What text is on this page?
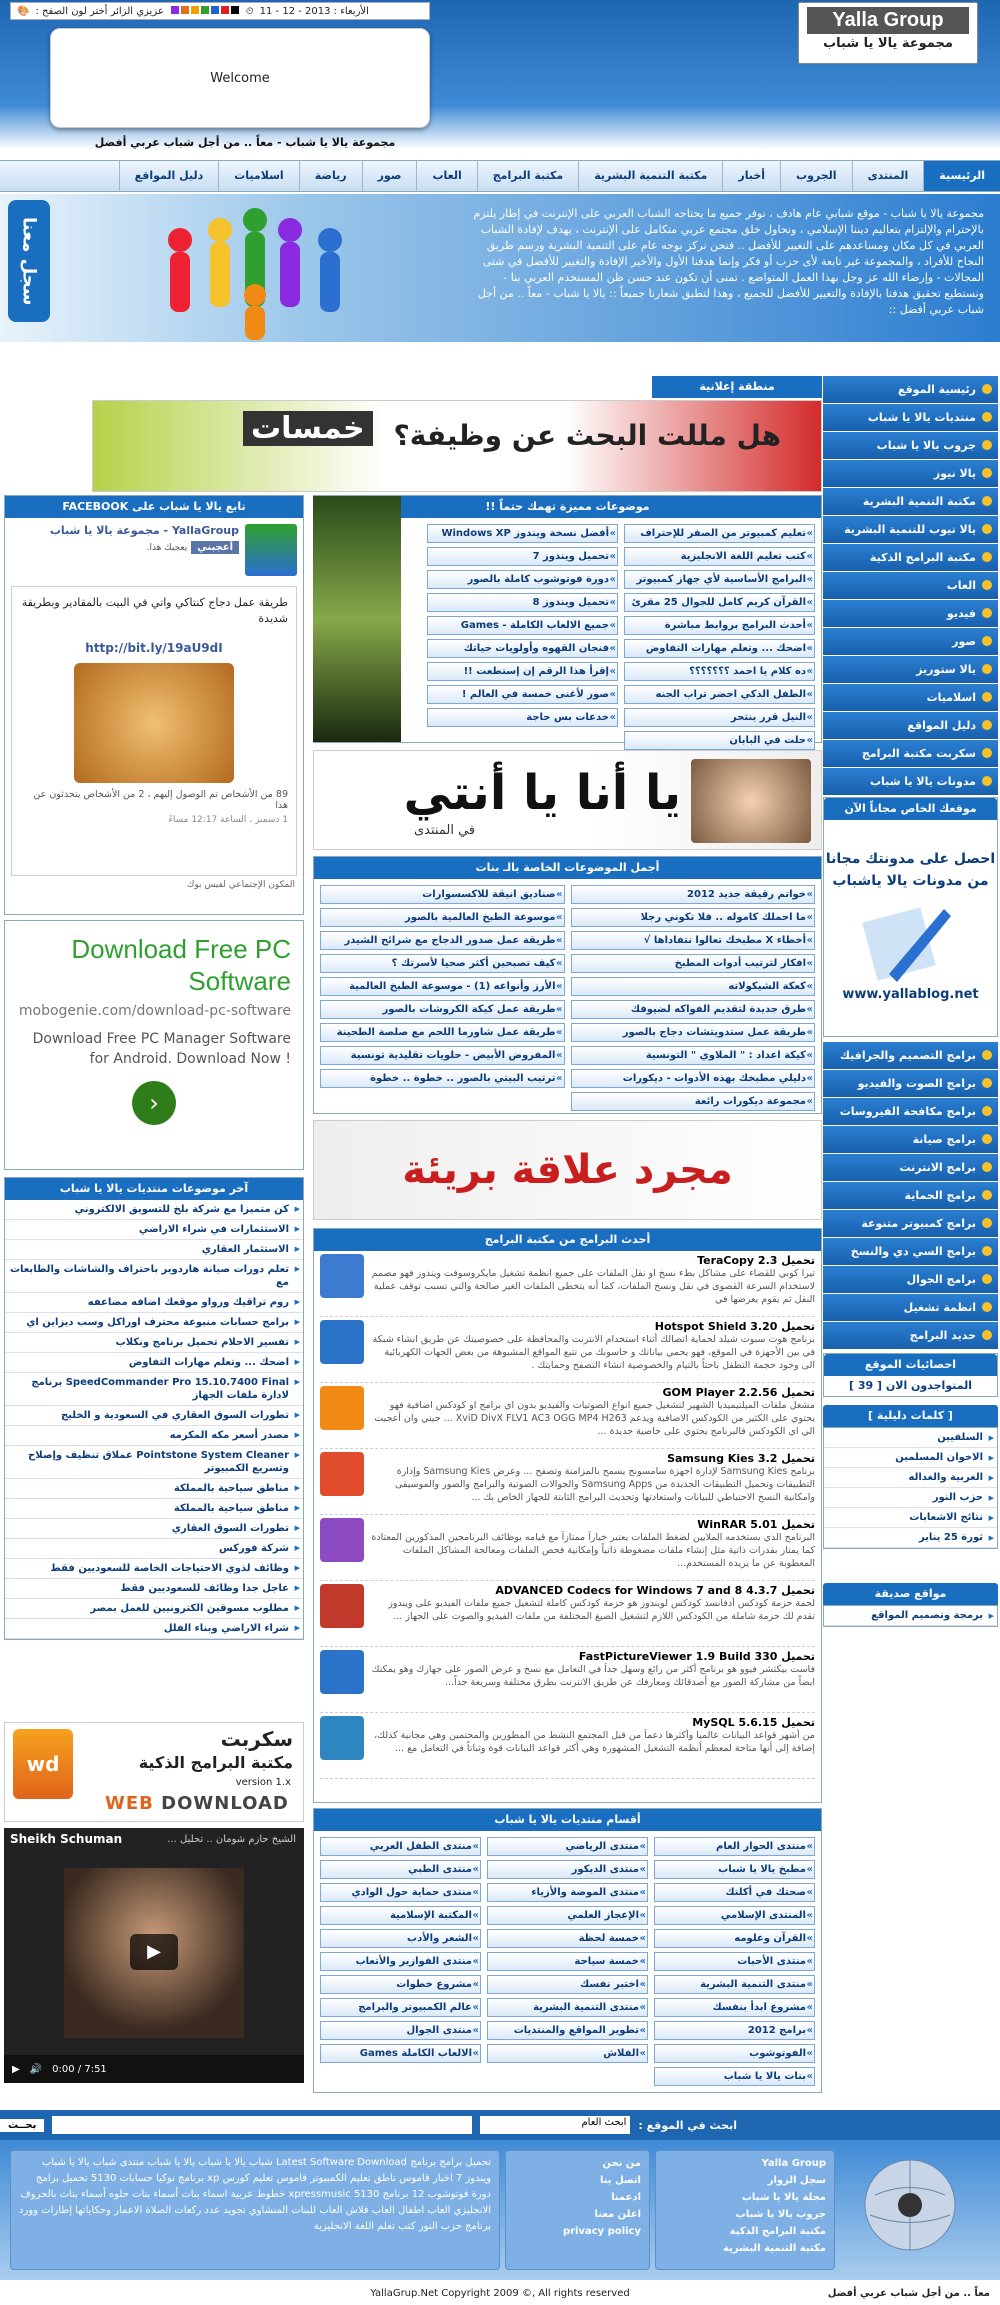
الأربعاء : 2013 - 12 - 11
⏲
عزيزي الزائر أختر لون الصفح :
🎨
Welcome
مجموعة يالا يا شباب - معاً .. من أجل شباب عربي أفضل
Yalla Group
مجموعة يالا يا شباب
الرئيسية
المنتدى
الجروب
أخبار
مكتبة التنمية البشرية
مكتبة البرامج
العاب
صور
رياضة
اسلاميات
دليل المواقع
سجل معنا
مجموعة يالا يا شباب - موقع شبابي عام هادف ، نوفر جميع ما يحتاجه الشباب العربي على الإنترنت في إطار يلتزم بالإحترام والإلتزام بتعاليم ديننا الإسلامي ، ونحاول خلق مجتمع عربي متكامل على الإنترنت ، يهدف لإفادة الشباب العربي في كل مكان ومساعدهم على التغيير للأفضل .. فنحن نركز بوجه عام على التنمية البشرية ورسم طريق النجاح للأفراد ، والمجموعة غير تابعة لأى حزب أو فكر وإنما هدفنا الأول والأخير الإفادة والتغيير للأفضل في شتى المجالات - وإرضاء الله عز وجل بهذا العمل المتواضع . تمنى أن تكون عند حسن ظن المستخدم العربي بنا - ونستطيع تحقيق هدفنا بالإفادة والتغيير للأفضل للجميع ، وهذا لتطبق شعارنا جميعاً :: يالا يا شباب - معاً .. من أجل شباب عربي أفضل ::
رئيسية الموقع
منتديات يالا يا شباب
جروب يالا يا شباب
يالا نيوز
مكتبة التنمية البشرية
يالا تيوب للتنمية البشرية
مكتبة البرامج الذكية
العاب
فيديو
صور
يالا ستوريز
اسلاميات
دليل المواقع
سكربت مكتبة البرامج
مدونات يالا يا شباب
موقعك الخاص مجاناً الآن
احصل على مدونتك مجانا
من مدونات يالا ياشباب
www.yallablog.net
برامج التصميم والجرافيك
برامج الصوت والفيديو
برامج مكافحة الفيروسات
برامج صيانة
برامج الانترنت
برامج الحماية
برامج كمبيوتر متنوعة
برامج السي دي والنسخ
برامج الجوال
انظمة تشغيل
حديد البرامج
احصائيات الموقع
المتواجدون الان [ 39 ]
[ كلمات دليلية ]
▶ السلفيين
▶ الاخوان المسلمين
▶ الغربية والغداله
▶ حزب النور
▶ نتائج الاشعابات
▶ ثورة 25 يناير
مواقع صديقة
▶ برمجة وتصميم المواقع
منطقة إعلانية
خمسات هل مللت البحث عن وظيفة؟
موضوعات مميزة تهمك حتماً !!
» تعليم كمبيوتر من الصفر للإحتراف
» أفضل نسخة ويندوز Windows XP
» كتب تعليم اللغة الانجليزية
» تحميل ويندوز 7
» البرامج الأساسية لأي جهاز كمبيوتر
» دورة فوتوشوب كاملة بالصور
» القرآن كريم كامل للجوال 25 مقرئ
» تحميل ويندوز 8
» أحدث البرامج بروابط مباشرة
» جميع الالعاب الكاملة - Games
» اضحك ... وتعلم مهارات التفاوض
» فنجان القهوه وأولويات حياتك
» ده كلام يا احمد ؟؟؟؟؟؟؟
» إقرأ هذا الرقم إن إستطعت !!
» الطفل الذكي احضر تراب الجنه
» صور لأغنى خمسة في العالم !
» النيل قرر ينتحر
» خدعات بس حاجة
» حلت في البابان
يا أنا يا أنتي
في المنتدى
أجمل الموضوعات الخاصة بالـ بنات
» خواتم رقيقة جديد 2012
» صناديق انيقة للاكسسوارات
» ما احملك كاموله .. فلا تكوني رجلا
» موسوعة الطبخ العالمية بالصور
» أخطاء X مطبخك تعالوا نتفاداها √
» طريقة عمل صدور الدجاج مع شرائح الشيدر
» افكار لترتيب أدوات المطبخ
» كيف تصبحين أكثر صحيا لأسرتك ؟
» كعكة الشيكولاته
» الأرز وأنواعه (1) - موسوعة الطبخ العالمية
» طرق جديدة لتقديم الفواكه لضيوفك
» طريقة عمل كيكة الكروشات بالصور
» طريقة عمل ستدويتشات دجاج بالصور
» طريقة عمل شاورما اللحم مع صلصة الطحينة
» كيكة اعداد : " الملاوي " التونسية
» المفروض الأبيض - حلويات تقليدية تونسية
» دليلي مطبخك بهذه الأدوات - ديكورات
» ترتيب البيتي بالصور .. خطوة .. خطوة
» مجموعة ديكورات رائعة
مجرد علاقة بريئة
أحدث البرامج من مكتبة البرامج
تحميل TeraCopy 2.3
تيرا كوبي للقضاء على مشاكل بطء نسخ او نقل الملفات على جميع انظمة تشغيل مايكروسوفت ويندوز فهو مصمم لاستخدام السرعة القصوى في نقل ونسخ الملفات، كما أنه يتخطى الملفات الغير صالحة والتي تسبب توقف عملية النقل ثم يقوم بعرضها في
تحميل Hotspot Shield 3.20
برنامج هوت سبوت شيلد لحماية اتصالك أثناء استخدام الانترنت والمحافظة على خصوصيتك عن طريق انشاء شبكة في بين الأجهزة في الموقع، فهو يحمي بياناتك و حاسوبك من تتبع المواقع المشبوهة من بعض الجهات الكهربائية الى وجود حجمة التطفل باحثاً بالتيام والخصوصية انشاء التصفح وحمايتك .
تحميل GOM Player 2.2.56
مشغل ملفات الميلتيميديا الشهير لتشغيل جميع انواع الصوتيات والفيديو بدون اي برامج او كودكس اضافية فهو يحتوي على الكثير من الكودكس الاضافية ويدعم XviD DivX FLV1 AC3 OGG MP4 H263 ... جيني وان أعجبت الي اي الكودكس فالبرنامج يحتوي على خاصية جديدة ...
تحميل Samsung Kies 3.2
برنامج Samsung Kies لإدارة اجهزة سامسونج يسمح بالمزامنة وتصفح ... وعرض Samsung Kies وإدارة التطبيقات وتحميل التطبيقات الجديدة من Samsung Apps والجوالات الصوتية والبرامج والصور والموسيقى وامكانية النسخ الاحتياطي للبيانات واستعادتها وتحديث البرامج الثابتة للجهاز الخاص بك ...
تحميل WinRAR 5.01
البرنامج الذي يستخدمه الملايين لضغط الملفات يعتبر خياراً ممتازاً مع قيامه بوظائف البرنامجين المذكورين المعتادة كما يمتاز بقدرات ذاتية مثل إنشاء ملفات مضغوطة ذاتياً وإمكانية فحص الملفات ومعالجة المشاكل الملفات المعطوبة عن ما يريده المستخدم...
تحميل ADVANCED Codecs for Windows 7 and 8 4.3.7
لحمة حزمة كودكس أدفانسد كودكس لويندوز هو حزمة كودكس كاملة لتشغيل جميع ملفات الفيديو على ويندوز تقدم لك حزمة شاملة من الكودكس اللازم لتشغيل الصيغ المختلفة من ملفات الفيديو والصوت على الجهاز ...
تحميل FastPictureViewer 1.9 Build 330
فاست بيكتشر فيوو هو برنامج أكثر من رائع وسهل جداً في التعامل مع نسخ و عرض الصور على جهازك وهو يمكنك ايضاً من مشاركة الصور مع أصدقائك ومعارفك عن طريق الانترنت بطرق مختلفة وسريعة جداً...
تحميل MySQL 5.6.15
من أشهر قواعد البيانات عالميا وأكثرها دعماً من قبل المجتمع النشط من المطورين والمحتمين وهي مجانية كذلك، إضافة إلى أنها متاحة لمعظم أنظمة التشغيل المشهورة وهي أكثر قواعد البيانات قوة وثباتاً في التعامل مع ...
أقسام منتديات يالا يا شباب
» منتدى الحوار العام
» منتدى الرياضي
» منتدى الطفل العربي
» مطبخ يالا يا شباب
» منتدى الديكور
» منتدى الطبي
» صحتك في أكلتك
» منتدى الموضة والأزياء
» منتدى حماية حول الوادي
» المنتدى الإسلامي
» الإعجاز العلمي
» المكتبة الإسلامية
» القرآن وعلومه
» خمسة لحظة
» الشعر والأدب
» منتدى الأحبات
» خمسة سياحة
» منتدى الفوازير والأتعاب
» منتدى التنمية البشرية
» اختبر نفسك
» مشروع خطوات
» مشروع ابدأ بنفسك
» منتدى التنمية البشرية
» عالم الكمبيوتر والبرامج
» برامج 2012
» تطوير المواقع والمنتديات
» منتدى الجوال
» الفوتوشوب
» الفلاش
» الالعاب الكاملة Games
» بنات يالا يا شباب
تابع يالا يا شباب على FACEBOOK
YallaGroup - مجموعة يالا يا شباب
أعجبني
يعجبك هذا.
طريقة عمل دجاج كنتاكي واتي في البيت بالمقادير وبطريقة شديدة
http://bit.ly/19aU9dI
89 من الأشخاص تم الوصول إليهم ، 2 من الأشخاص يتحدثون عن هذا
1 دسمبر ، الساعة 12:17 مساءً
المكون الإجتماعي لفيس بوك
Download Free PC Software
mobogenie.com/download-pc-software
Download Free PC Manager Software for Android. Download Now !
›
آخر موضوعات منتديات يالا يا شباب
▶ كن متميزا مع شركة بلخ للتسويق الالكتروني
▶ الاستثمارات في شراء الاراضي
▶ الاستثمار العقاري
▶ تعلم دورات صيانة هاردوير باحتراف والشاشات والطابعات مع
▶ روم تراقيك ورواو موقعك اضافه مضاعفه
▶ برامج حسابات منبوعة محترف اوراكل وسب ديزاين اي
▶ تفسير الاحلام تحميل برنامج ونكلاب
▶ اضحك ... وتعلم مهارات التفاوض
▶ SpeedCommander Pro 15.10.7400 Final برنامج لادارة ملفات الجهاز
▶ تطورات السوق العقاري في السعودية و الخليج
▶ مصدر أسعر مكه المكرمه
▶ Pointstone System Cleaner عملاق تنظيف وإصلاح وتسريع الكمبيوتر
▶ مناطق سياحية بالمملكة
▶ مناطق سياحية بالمملكة
▶ تطورات السوق العقاري
▶ شركة فوركس
▶ وظائف لذوي الاحتياجات الخاصة للسعوديين فقط
▶ عاجل جدا وظائف للسعوديين فقط
▶ مطلوب مسوقين الكترونيين للعمل بمصر
▶ شراء الاراضي وبناء الفلل
wd
سكربت
مكتبة البرامج الذكية
version 1.x
WEB DOWNLOAD
Sheikh Schuman	الشيخ حازم شومان .. تحليل ...
▶
▶ 🔊 0:00 / 7:51
ابحث في الموقع :
ابحث العام
بحــث
Yalla Group
سجل الزوار
مجلة يالا يا شباب
جروب يالا يا شباب
مكتبة البرامج الذكية
مكتبة التنمية البشرية
من نحن
اتصل بنا
ادعمنا
اعلن معنا
privacy policy
تحميل برامج برنامج Latest Software Download شباب يالا يا شباب يالا يا شباب منتدى شباب يالا يا شباب ويندوز 7 اخبار قاموس ناطق تعليم الكمبيوتر قاموس تعليم كورس xp برنامج نوكيا حسابات 5130 تحميل برامج دورة فوتوشوب 12 برنامج 5130 xpressmusic خطوط عربية اسماء بنات أسماء بنات حلوه أسماء بنات بالحروف الانجليزي العاب اطفال العاب فلاش العاب للبنات المنشاوي تجويد عدد ركعات الصلاة الاعمار وحكاياتها إطارات وورد برنامج حزب النور كتب تعلم اللغة الانجليزية
YallaGrup.Net Copyright 2009 ©, All rights reserved	معاً .. من أجل شباب عربي أفضل
